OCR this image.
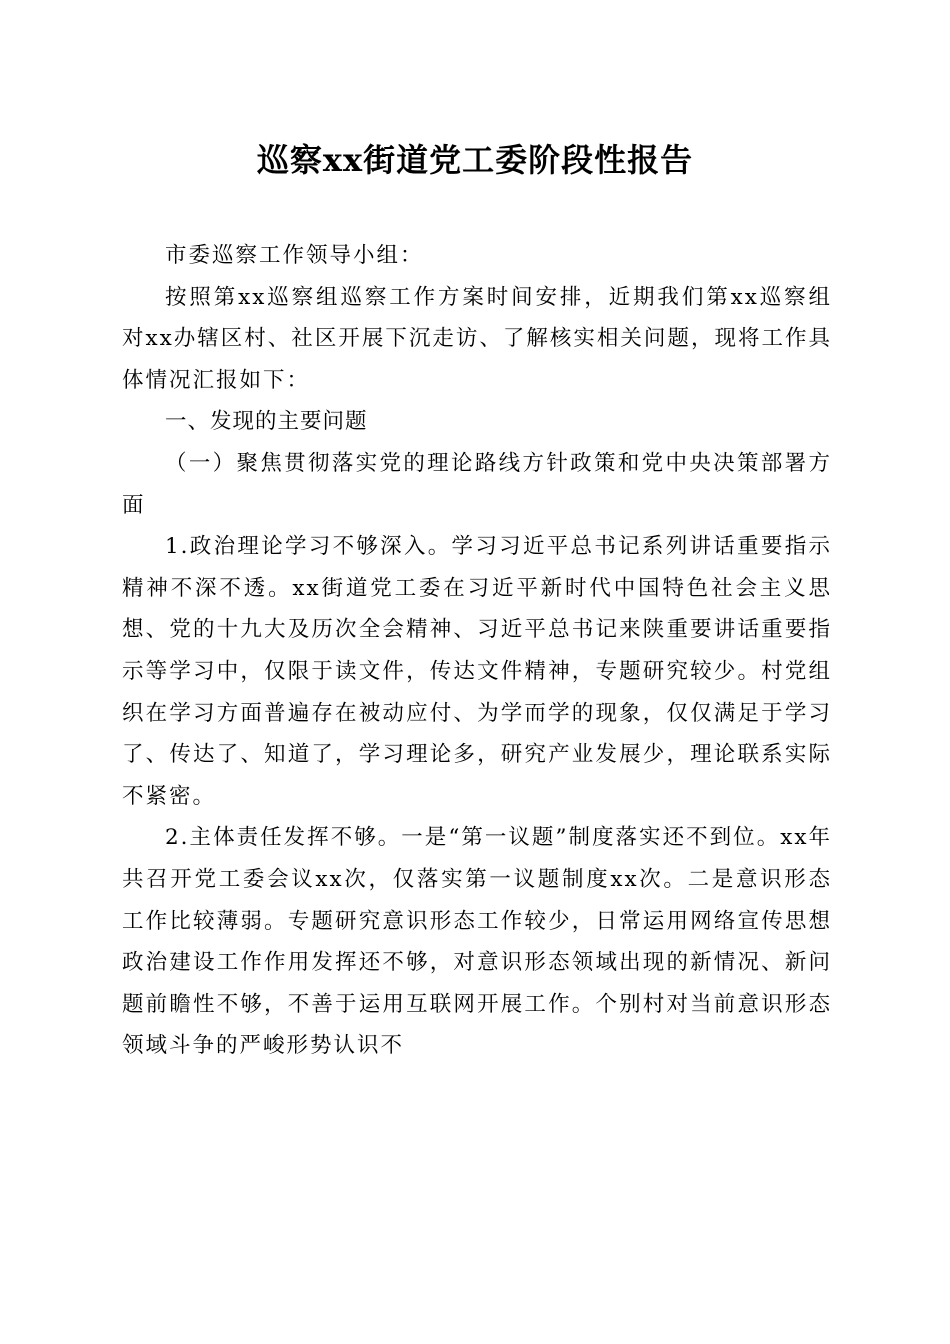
巡察xx街道党工委阶段性报告

市委巡察工作领导小组：

按照第xx巡察组巡察工作方案时间安排，近期我们第xx巡察组对xx办辖区村、社区开展下沉走访、了解核实相关问题，现将工作具体情况汇报如下：

一、发现的主要问题

（一）聚焦贯彻落实党的理论路线方针政策和党中央决策部署方面

1.政治理论学习不够深入。学习习近平总书记系列讲话重要指示精神不深不透。xx街道党工委在习近平新时代中国特色社会主义思想、党的十九大及历次全会精神、习近平总书记来陕重要讲话重要指示等学习中，仅限于读文件，传达文件精神，专题研究较少。村党组织在学习方面普遍存在被动应付、为学而学的现象，仅仅满足于学习了、传达了、知道了，学习理论多，研究产业发展少，理论联系实际不紧密。

2.主体责任发挥不够。一是“第一议题”制度落实还不到位。xx年共召开党工委会议xx次，仅落实第一议题制度xx次。二是意识形态工作比较薄弱。专题研究意识形态工作较少，日常运用网络宣传思想政治建设工作作用发挥还不够，对意识形态领域出现的新情况、新问题前瞻性不够，不善于运用互联网开展工作。个别村对当前意识形态领域斗争的严峻形势认识不
